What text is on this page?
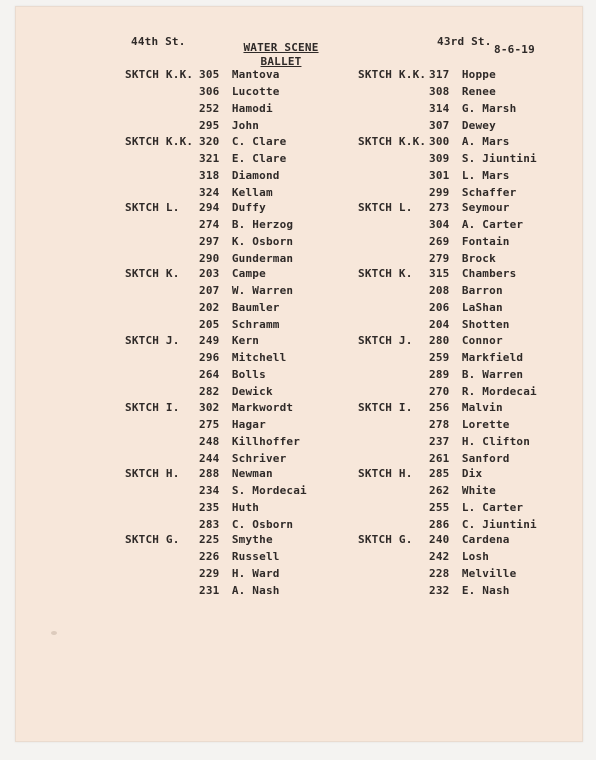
44th St.	WATER SCENE
BALLET
43rd St.
8-6-19
SKTCH K.K. 305 Mantova
306 Lucotte
252 Hamodi
295 John
SKTCH K.K. 320 C. Clare
321 E. Clare
318 Diamond
324 Kellam
SKTCH L. 294 Duffy
274 B. Herzog
297 K. Osborn
290 Gunderman
SKTCH K. 203 Campe
207 W. Warren
202 Baumler
205 Schramm
SKTCH J. 249 Kern
296 Mitchell
264 Bolls
282 Dewick
SKTCH I. 302 Markwordt
275 Hagar
248 Killhoffer
244 Schriver
SKTCH H. 288 Newman
234 S. Mordecai
235 Huth
283 C. Osborn
SKTCH G. 225 Smythe
226 Russell
229 H. Ward
231 A. Nash
SKTCH K.K. 317 Hoppe
308 Renee
314 G. Marsh
307 Dewey
SKTCH K.K. 300 A. Mars
309 S. Jiuntini
301 L. Mars
299 Schaffer
SKTCH L. 273 Seymour
304 A. Carter
269 Fontain
279 Brock
SKTCH K. 315 Chambers
208 Barron
206 LaShan
204 Shotten
SKTCH J. 280 Connor
259 Markfield
289 B. Warren
270 R. Mordecai
SKTCH I. 256 Malvin
278 Lorette
237 H. Clifton
261 Sanford
SKTCH H. 285 Dix
262 White
255 L. Carter
286 C. Jiuntini
SKTCH G. 240 Cardena
242 Losh
228 Melville
232 E. Nash
